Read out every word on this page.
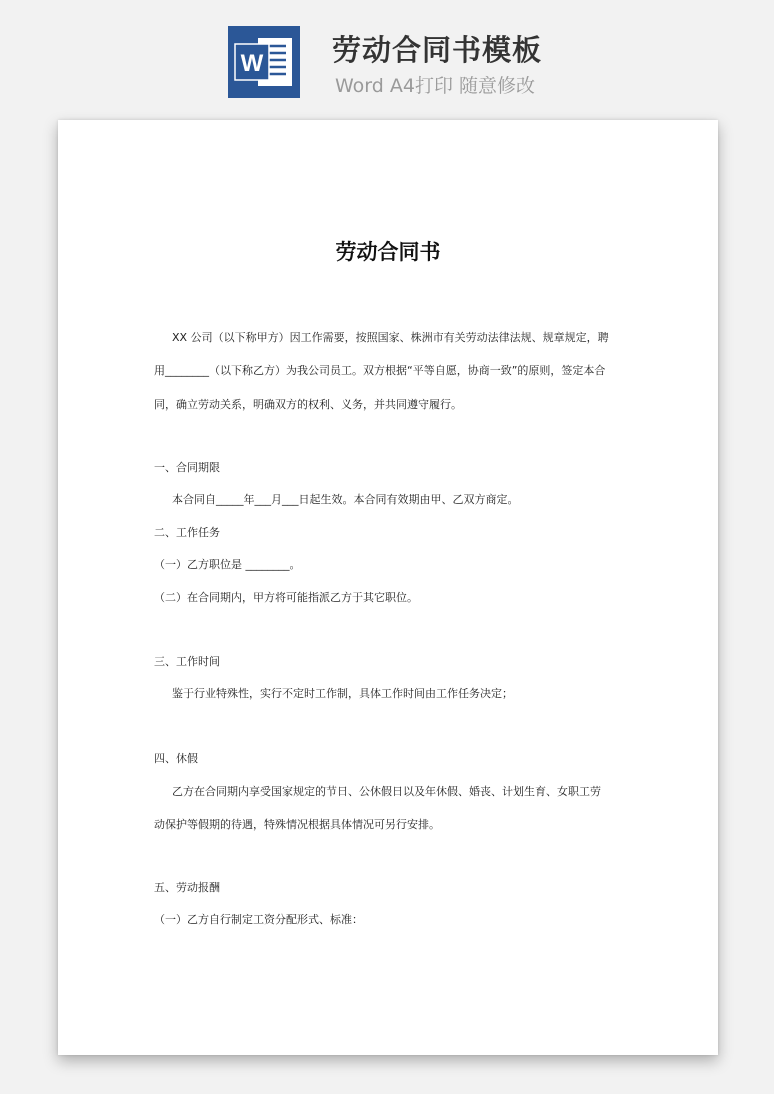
W	劳动合同书模板
Word A4打印 随意修改

劳动合同书
XX 公司（以下称甲方）因工作需要，按照国家、株洲市有关劳动法律法规、规章规定，聘
用________（以下称乙方）为我公司员工。双方根据“平等自愿，协商一致”的原则，签定本合
同，确立劳动关系，明确双方的权利、义务，并共同遵守履行。
一、合同期限
本合同自_____年___月___日起生效。本合同有效期由甲、乙双方商定。
二、工作任务
（一）乙方职位是 ________。
（二）在合同期内，甲方将可能指派乙方于其它职位。
三、工作时间
鉴于行业特殊性，实行不定时工作制，具体工作时间由工作任务决定；
四、休假
乙方在合同期内享受国家规定的节日、公休假日以及年休假、婚丧、计划生育、女职工劳
动保护等假期的待遇，特殊情况根据具体情况可另行安排。
五、劳动报酬
（一）乙方自行制定工资分配形式、标准：
